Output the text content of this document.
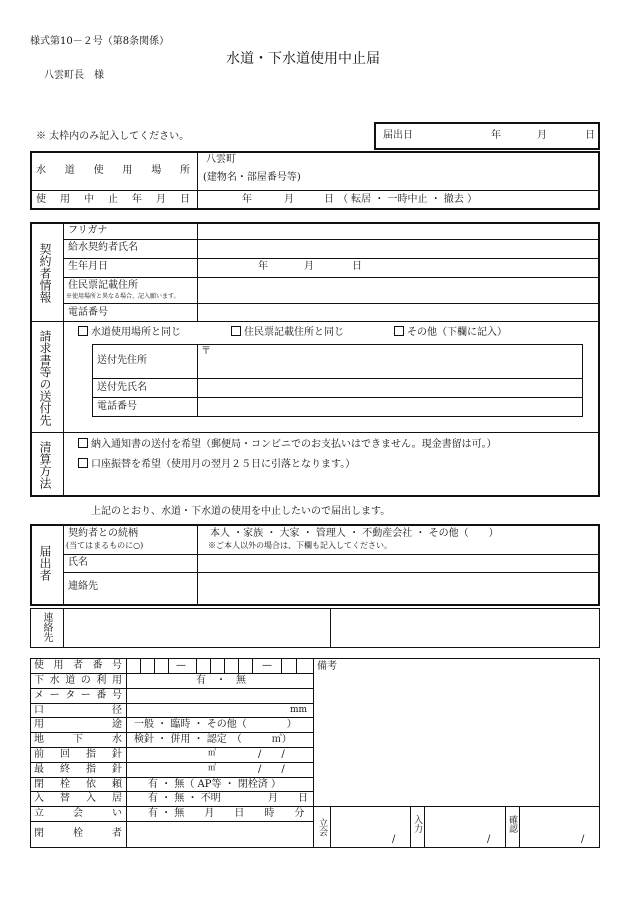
様式第10－２号（第8条関係）
水道・下水道使用中止届
八雲町長　様
※ 太枠内のみ記入してください。	届出日	年	月	日
水 道 使 用 場 所
八雲町
(建物名・部屋番号等)
使 用 中 止 年 月 日	年	月	日 （ 転居 ・ 一時中止 ・ 撤去 ）
契約者情報
フリガナ
給水契約者氏名
生年月日	年	月	日
住民票記載住所
※使用場所と異なる場合、記入願います。
電話番号
請求書等の送付先	水道使用場所と同じ	住民票記載住所と同じ	その他（下欄に記入）
送付先住所
〒
送付先氏名
電話番号
清算方法	納入通知書の送付を希望（郵便局・コンビニでのお支払いはできません。現金書留は可。）
口座振替を希望（使用月の翌月２５日に引落となります。）
上記のとおり、水道・下水道の使用を中止したいので届出します。
届出者
契約者との続柄
(当てはまるものに○)
本人 ・家族 ・ 大家 ・ 管理人 ・ 不動産会社 ・ その他（　　）
※ご本人以外の場合は、下欄も記入してください。
氏名
連絡先
連絡先
—	—
使 用 者 番 号
下 水 道 の 利 用	有　・　無
メ ー タ ー 番 号
口	径	mm
用	途 一般 ・ 臨時 ・ その他（　　　　）
地	下	水 検針 ・ 併用 ・ 認定　（　　　㎥）
前 回 指 針	㎥	/　　/
最 終 指 針	㎥	/　　/
閉 栓 依 頼	有 ・ 無（ AP等 ・ 閉栓済 ）
入 替 入 居	有 ・ 無 ・ 不明	月　　日
立	会	い	有 ・ 無　　月　　日　　時　　分
閉	栓	者
備考
立会	入力	確認
/	/	/
